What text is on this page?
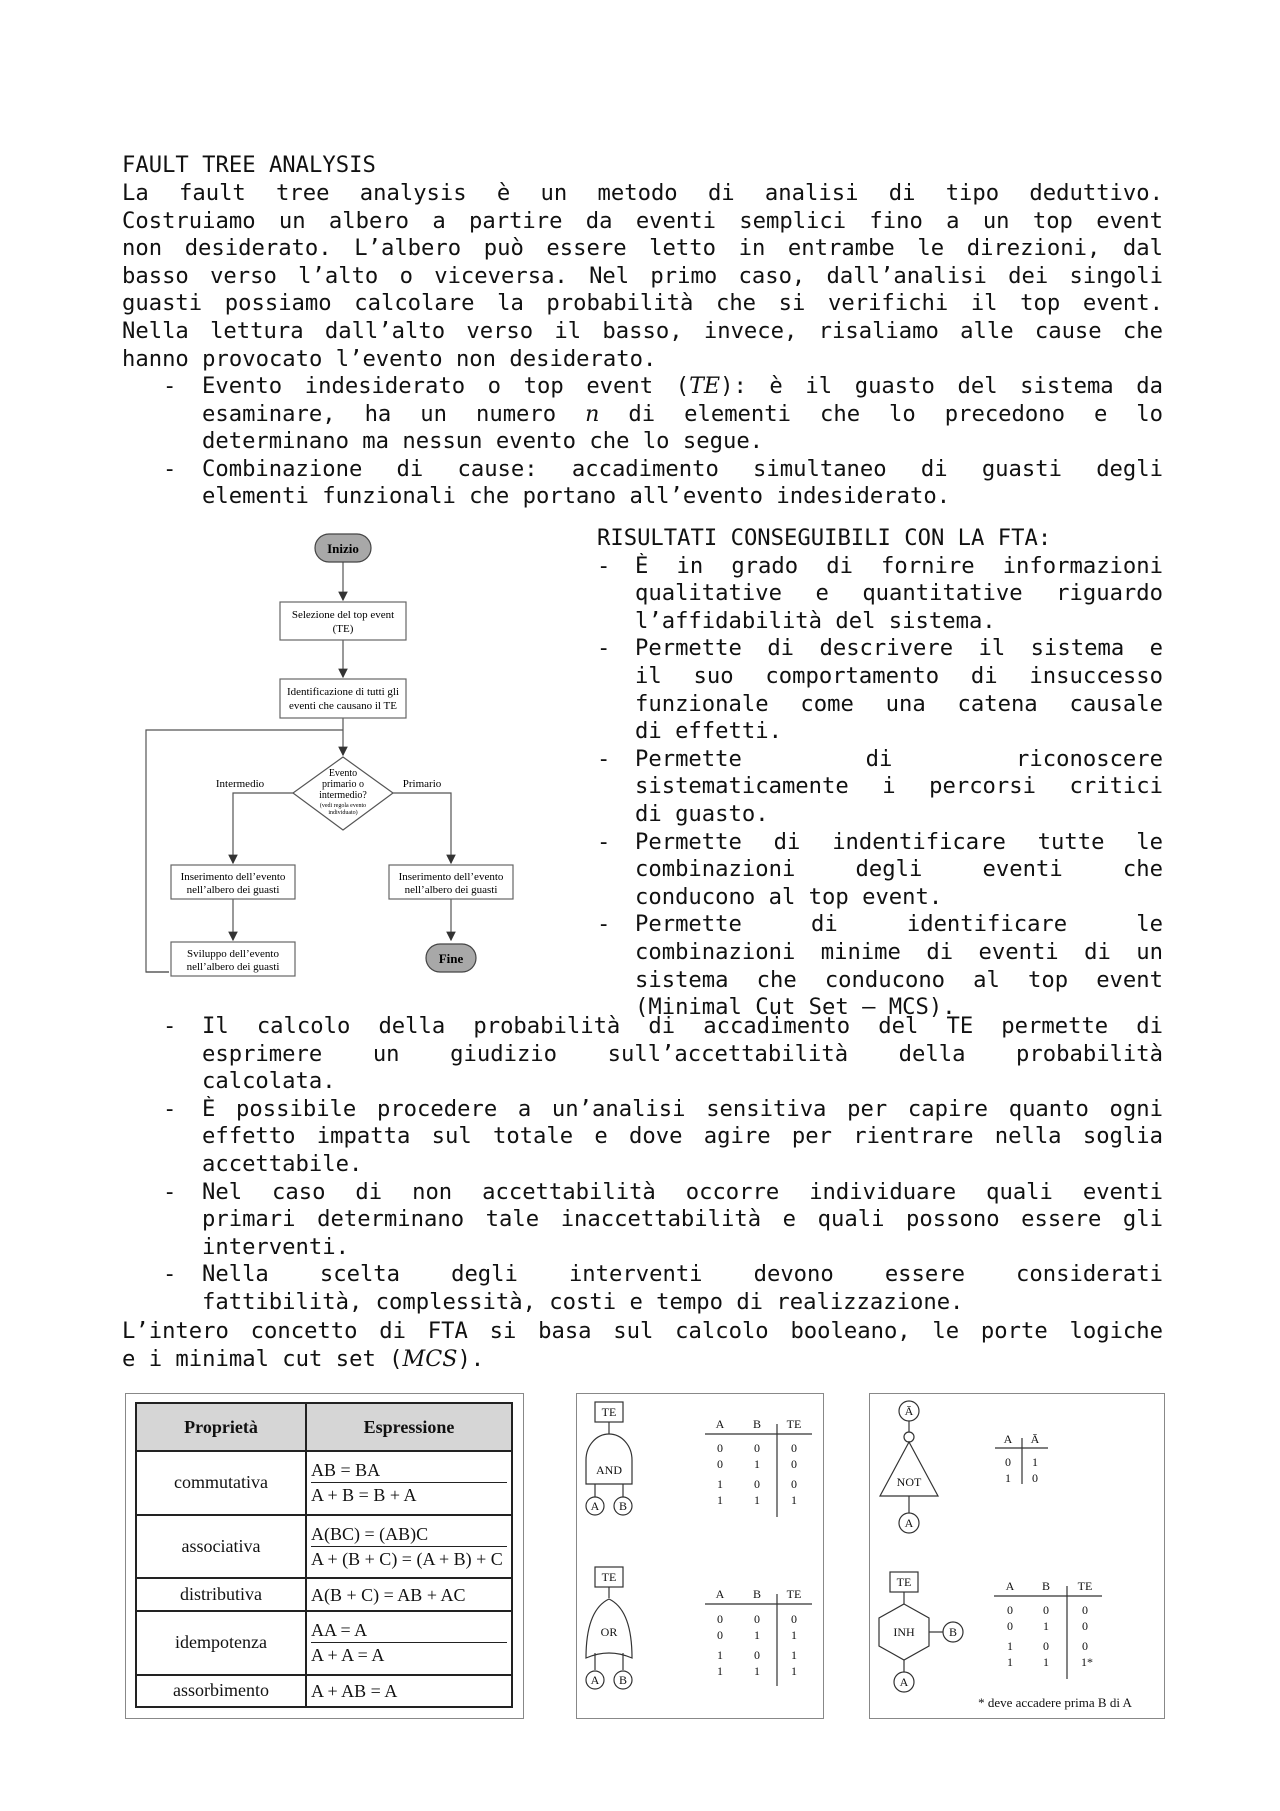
FAULT TREE ANALYSIS
La fault tree analysis è un metodo di analisi di tipo deduttivo.
Costruiamo un albero a partire da eventi semplici fino a un top event
non desiderato. L’albero può essere letto in entrambe le direzioni, dal
basso verso l’alto o viceversa. Nel primo caso, dall’analisi dei singoli
guasti possiamo calcolare la probabilità che si verifichi il top event.
Nella lettura dall’alto verso il basso, invece, risaliamo alle cause che
hanno provocato l’evento non desiderato.
-	Evento indesiderato o top event (TE): è il guasto del sistema da
esaminare, ha un numero n di elementi che lo precedono e lo
determinano ma nessun evento che lo segue.
-	Combinazione di cause: accadimento simultaneo di guasti degli
elementi funzionali che portano all’evento indesiderato.
Inizio
Selezione del top event
(TE)
Identificazione di tutti gli
eventi che causano il TE
Evento
primario o
intermedio?
(vedi regola evento
individuato)
Intermedio	Primario
Inserimento dell’evento
nell’albero dei guasti
Inserimento dell’evento
nell’albero dei guasti
Sviluppo dell’evento
nell’albero dei guasti
Fine
RISULTATI CONSEGUIBILI CON LA FTA:
-	È in grado di fornire informazioni
qualitative e quantitative riguardo
l’affidabilità del sistema.
-	Permette di descrivere il sistema e
il suo comportamento di insuccesso
funzionale come una catena causale
di effetti.
-	Permette di riconoscere
sistematicamente i percorsi critici
di guasto.
-	Permette di indentificare tutte le
combinazioni degli eventi che
conducono al top event.
-	Permette di identificare le
combinazioni minime di eventi di un
sistema che conducono al top event
(Minimal Cut Set – MCS).
-	Il calcolo della probabilità di accadimento del TE permette di
esprimere un giudizio sull’accettabilità della probabilità
calcolata.
-	È possibile procedere a un’analisi sensitiva per capire quanto ogni
effetto impatta sul totale e dove agire per rientrare nella soglia
accettabile.
-	Nel caso di non accettabilità occorre individuare quali eventi
primari determinano tale inaccettabilità e quali possono essere gli
interventi.
-	Nella scelta degli interventi devono essere considerati
fattibilità, complessità, costi e tempo di realizzazione.
L’intero concetto di FTA si basa sul calcolo booleano, le porte logiche
e i minimal cut set (MCS).
Proprietà	Espressione
commutativa	AB = BA
A + B = B + A

associativa	A(BC) = (AB)C
A + (B + C) = (A + B) + C

distributiva	A(B + C) = AB + AC

idempotenza	AA = A
A + A = A

assorbimento	A + AB = A
TE
AND
A B
A B TE
0	0	0
0	1	0
1	0	0
1	1	1
TE
OR
A B
A B TE
0	0	0
0	1	1
1	0	1
1	1	1
Ā
NOT
A
A Ā
0 1
1 0
TE
INH	B
A
A B TE
0	0	0
0	1	0
1	0	0
1	1	1*
* deve accadere prima B di A
